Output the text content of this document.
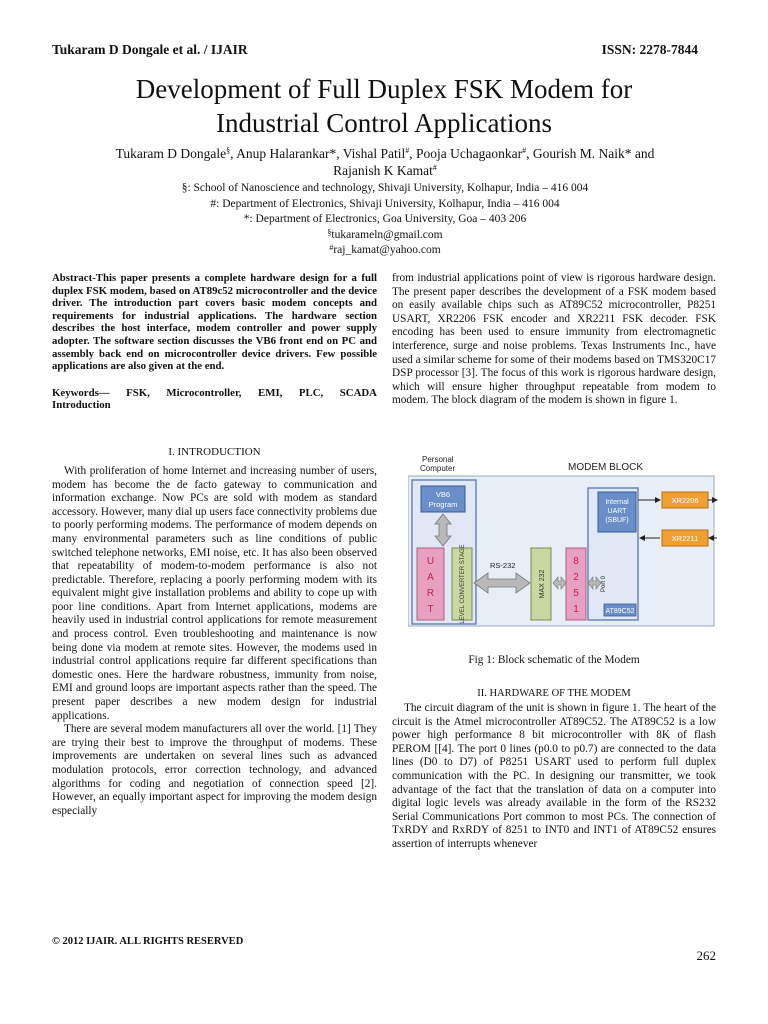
Tukaram D Dongale et al. / IJAIR	ISSN: 2278-7844
Development of Full Duplex FSK Modem for
Industrial Control Applications
Tukaram D Dongale§, Anup Halarankar*, Vishal Patil#, Pooja Uchagaonkar#, Gourish M. Naik* and
Rajanish K Kamat#
§: School of Nanoscience and technology, Shivaji University, Kolhapur, India – 416 004
#: Department of Electronics, Shivaji University, Kolhapur, India – 416 004
*: Department of Electronics, Goa University, Goa – 403 206
§tukarameln@gmail.com
#raj_kamat@yahoo.com

Abstract-This paper presents a complete hardware design for a full duplex FSK modem, based on AT89c52 microcontroller and the device driver. The introduction part covers basic modem concepts and requirements for industrial applications. The hardware section describes the host interface, modem controller and power supply adopter. The software section discusses the VB6 front end on PC and assembly back end on microcontroller device drivers. Few possible applications are also given at the end.

Keywords— FSK, Microcontroller, EMI, PLC, SCADA
Introduction

I. INTRODUCTION

With proliferation of home Internet and increasing number of users, modem has become the de facto gateway to communication and information exchange. Now PCs are sold with modem as standard accessory. However, many dial up users face connectivity problems due to poorly performing modems. The performance of modem depends on many environmental parameters such as line conditions of public switched telephone networks, EMI noise, etc. It has also been observed that repeatability of modem-to-modem performance is also not predictable. Therefore, replacing a poorly performing modem with its equivalent might give installation problems and ability to cope up with poor line conditions. Apart from Internet applications, modems are heavily used in industrial control applications for remote measurement and process control. Even troubleshooting and maintenance is now being done via modem at remote sites. However, the modems used in industrial control applications require far different specifications than domestic ones. Here the hardware robustness, immunity from noise, EMI and ground loops are important aspects rather than the speed. The present paper describes a new modem design for industrial applications.

There are several modem manufacturers all over the world. [1] They are trying their best to improve the throughput of modems. These improvements are undertaken on several lines such as advanced modulation protocols, error correction technology, and advanced algorithms for coding and negotiation of connection speed [2]. However, an equally important aspect for improving the modem design especially

from industrial applications point of view is rigorous hardware design. The present paper describes the development of a FSK modem based on easily available chips such as AT89C52 microcontroller, P8251 USART, XR2206 FSK encoder and XR2211 FSK decoder. FSK encoding has been used to ensure immunity from electromagnetic interference, surge and noise problems. Texas Instruments Inc., have used a similar scheme for some of their modems based on TMS320C17 DSP processor [3]. The focus of this work is rigorous hardware design, which will ensure higher throughput repeatable from modem to modem. The block diagram of the modem is shown in figure 1.

Personal
Computer	MODEM BLOCK
VB6
Program
U
A
R
T	LEVEL CONVERTER STAGE	RS-232
MAX 232
8
2
5
1
Internal
UART
(SBUF)
Port 0
AT89C52
XR2206
XR2211
Fig 1: Block schematic of the Modem
II. HARDWARE OF THE MODEM

The circuit diagram of the unit is shown in figure 1. The heart of the circuit is the Atmel microcontroller AT89C52. The AT89C52 is a low power high performance 8 bit microcontroller with 8K of flash PEROM [[4]. The port 0 lines (p0.0 to p0.7) are connected to the data lines (D0 to D7) of P8251 USART used to perform full duplex communication with the PC. In designing our transmitter, we took advantage of the fact that the translation of data on a computer into digital logic levels was already available in the form of the RS232 Serial Communications Port common to most PCs. The connection of TxRDY and RxRDY of 8251 to INT0 and INT1 of AT89C52 ensures assertion of interrupts whenever

© 2012 IJAIR. ALL RIGHTS RESERVED
262
